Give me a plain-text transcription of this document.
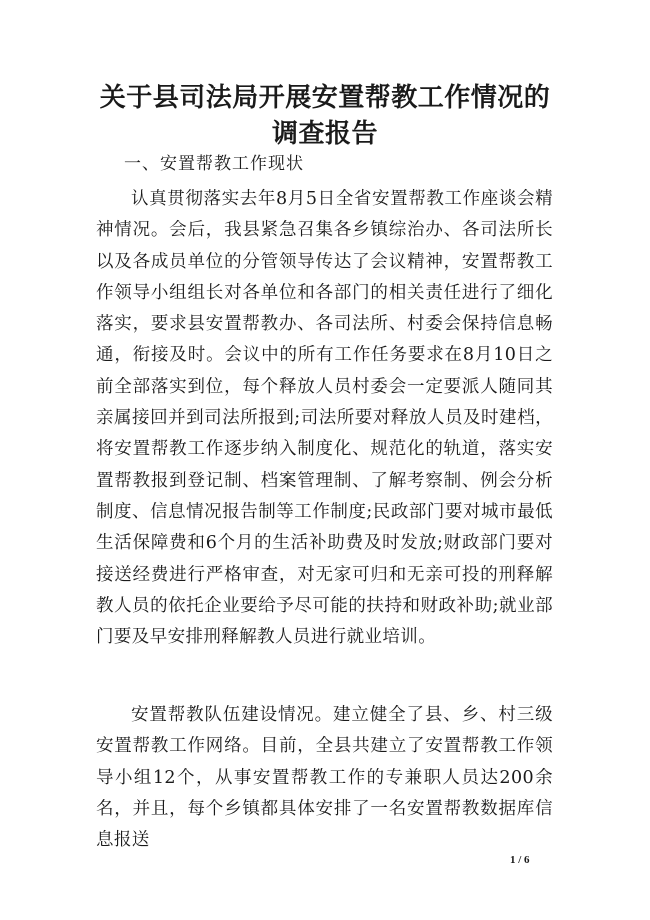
关于县司法局开展安置帮教工作情况的调查报告
一、安置帮教工作现状

认真贯彻落实去年8月5日全省安置帮教工作座谈会精神情况。会后，我县紧急召集各乡镇综治办、各司法所长以及各成员单位的分管领导传达了会议精神，安置帮教工作领导小组组长对各单位和各部门的相关责任进行了细化落实，要求县安置帮教办、各司法所、村委会保持信息畅通，衔接及时。会议中的所有工作任务要求在8月10日之前全部落实到位，每个释放人员村委会一定要派人随同其亲属接回并到司法所报到;司法所要对释放人员及时建档，将安置帮教工作逐步纳入制度化、规范化的轨道，落实安置帮教报到登记制、档案管理制、了解考察制、例会分析制度、信息情况报告制等工作制度;民政部门要对城市最低生活保障费和6个月的生活补助费及时发放;财政部门要对接送经费进行严格审查，对无家可归和无亲可投的刑释解教人员的依托企业要给予尽可能的扶持和财政补助;就业部门要及早安排刑释解教人员进行就业培训。

安置帮教队伍建设情况。建立健全了县、乡、村三级安置帮教工作网络。目前，全县共建立了安置帮教工作领导小组12个，从事安置帮教工作的专兼职人员达200余名，并且，每个乡镇都具体安排了一名安置帮教数据库信息报送

1 / 6
